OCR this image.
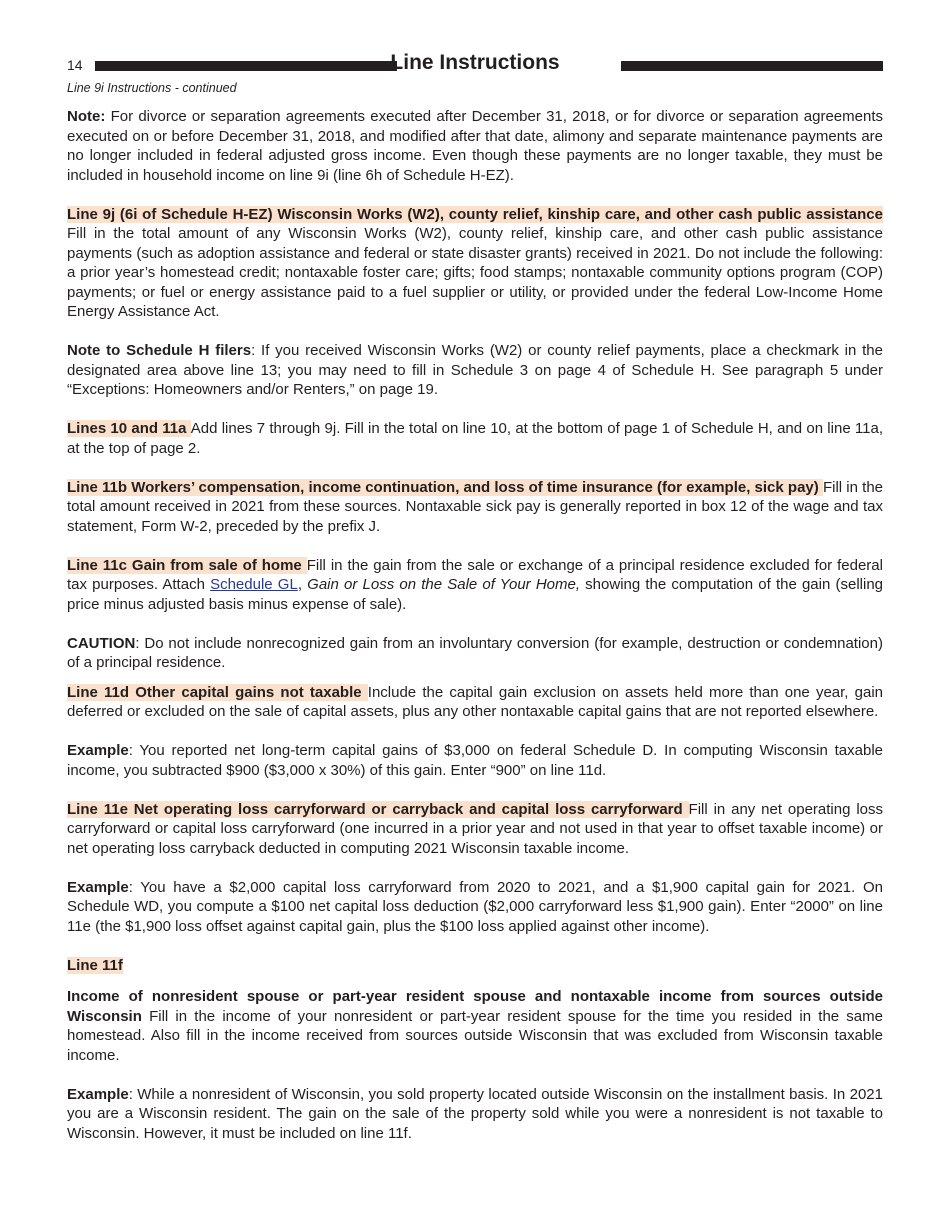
14	Line Instructions
Line 9i Instructions - continued

Note: For divorce or separation agreements executed after December 31, 2018, or for divorce or separation agreements executed on or before December 31, 2018, and modified after that date, alimony and separate maintenance payments are no longer included in federal adjusted gross income. Even though these payments are no longer taxable, they must be included in household income on line 9i (line 6h of Schedule H-EZ).

Line 9j (6i of Schedule H-EZ) Wisconsin Works (W2), county relief, kinship care, and other cash public assistance Fill in the total amount of any Wisconsin Works (W2), county relief, kinship care, and other cash public assistance payments (such as adoption assistance and federal or state disaster grants) received in 2021. Do not include the following: a prior year’s homestead credit; nontaxable foster care; gifts; food stamps; nontaxable community options program (COP) payments; or fuel or energy assistance paid to a fuel supplier or utility, or provided under the federal Low-Income Home Energy Assistance Act.

Note to Schedule H filers: If you received Wisconsin Works (W2) or county relief payments, place a checkmark in the designated area above line 13; you may need to fill in Schedule 3 on page 4 of Schedule H. See paragraph 5 under “Exceptions: Homeowners and/or Renters,” on page 19.

Lines 10 and 11a Add lines 7 through 9j. Fill in the total on line 10, at the bottom of page 1 of Schedule H, and on line 11a, at the top of page 2.

Line 11b Workers’ compensation, income continuation, and loss of time insurance (for example, sick pay) Fill in the total amount received in 2021 from these sources. Nontaxable sick pay is generally reported in box 12 of the wage and tax statement, Form W-2, preceded by the prefix J.

Line 11c Gain from sale of home Fill in the gain from the sale or exchange of a principal residence excluded for federal tax purposes. Attach Schedule GL, Gain or Loss on the Sale of Your Home, showing the computation of the gain (selling price minus adjusted basis minus expense of sale).

CAUTION: Do not include nonrecognized gain from an involuntary conversion (for example, destruction or condemnation) of a principal residence.

Line 11d Other capital gains not taxable Include the capital gain exclusion on assets held more than one year, gain deferred or excluded on the sale of capital assets, plus any other nontaxable capital gains that are not reported elsewhere.

Example: You reported net long-term capital gains of $3,000 on federal Schedule D. In computing Wisconsin taxable income, you subtracted $900 ($3,000 x 30%) of this gain. Enter “900” on line 11d.

Line 11e Net operating loss carryforward or carryback and capital loss carryforward Fill in any net operating loss carryforward or capital loss carryforward (one incurred in a prior year and not used in that year to offset taxable income) or net operating loss carryback deducted in computing 2021 Wisconsin taxable income.

Example: You have a $2,000 capital loss carryforward from 2020 to 2021, and a $1,900 capital gain for 2021. On Schedule WD, you compute a $100 net capital loss deduction ($2,000 carryforward less $1,900 gain). Enter “2000” on line 11e (the $1,900 loss offset against capital gain, plus the $100 loss applied against other income).

Line 11f

Income of nonresident spouse or part-year resident spouse and nontaxable income from sources outside Wisconsin Fill in the income of your nonresident or part-year resident spouse for the time you resided in the same homestead. Also fill in the income received from sources outside Wisconsin that was excluded from Wisconsin taxable income.

Example: While a nonresident of Wisconsin, you sold property located outside Wisconsin on the installment basis. In 2021 you are a Wisconsin resident. The gain on the sale of the property sold while you were a nonresident is not taxable to Wisconsin. However, it must be included on line 11f.
